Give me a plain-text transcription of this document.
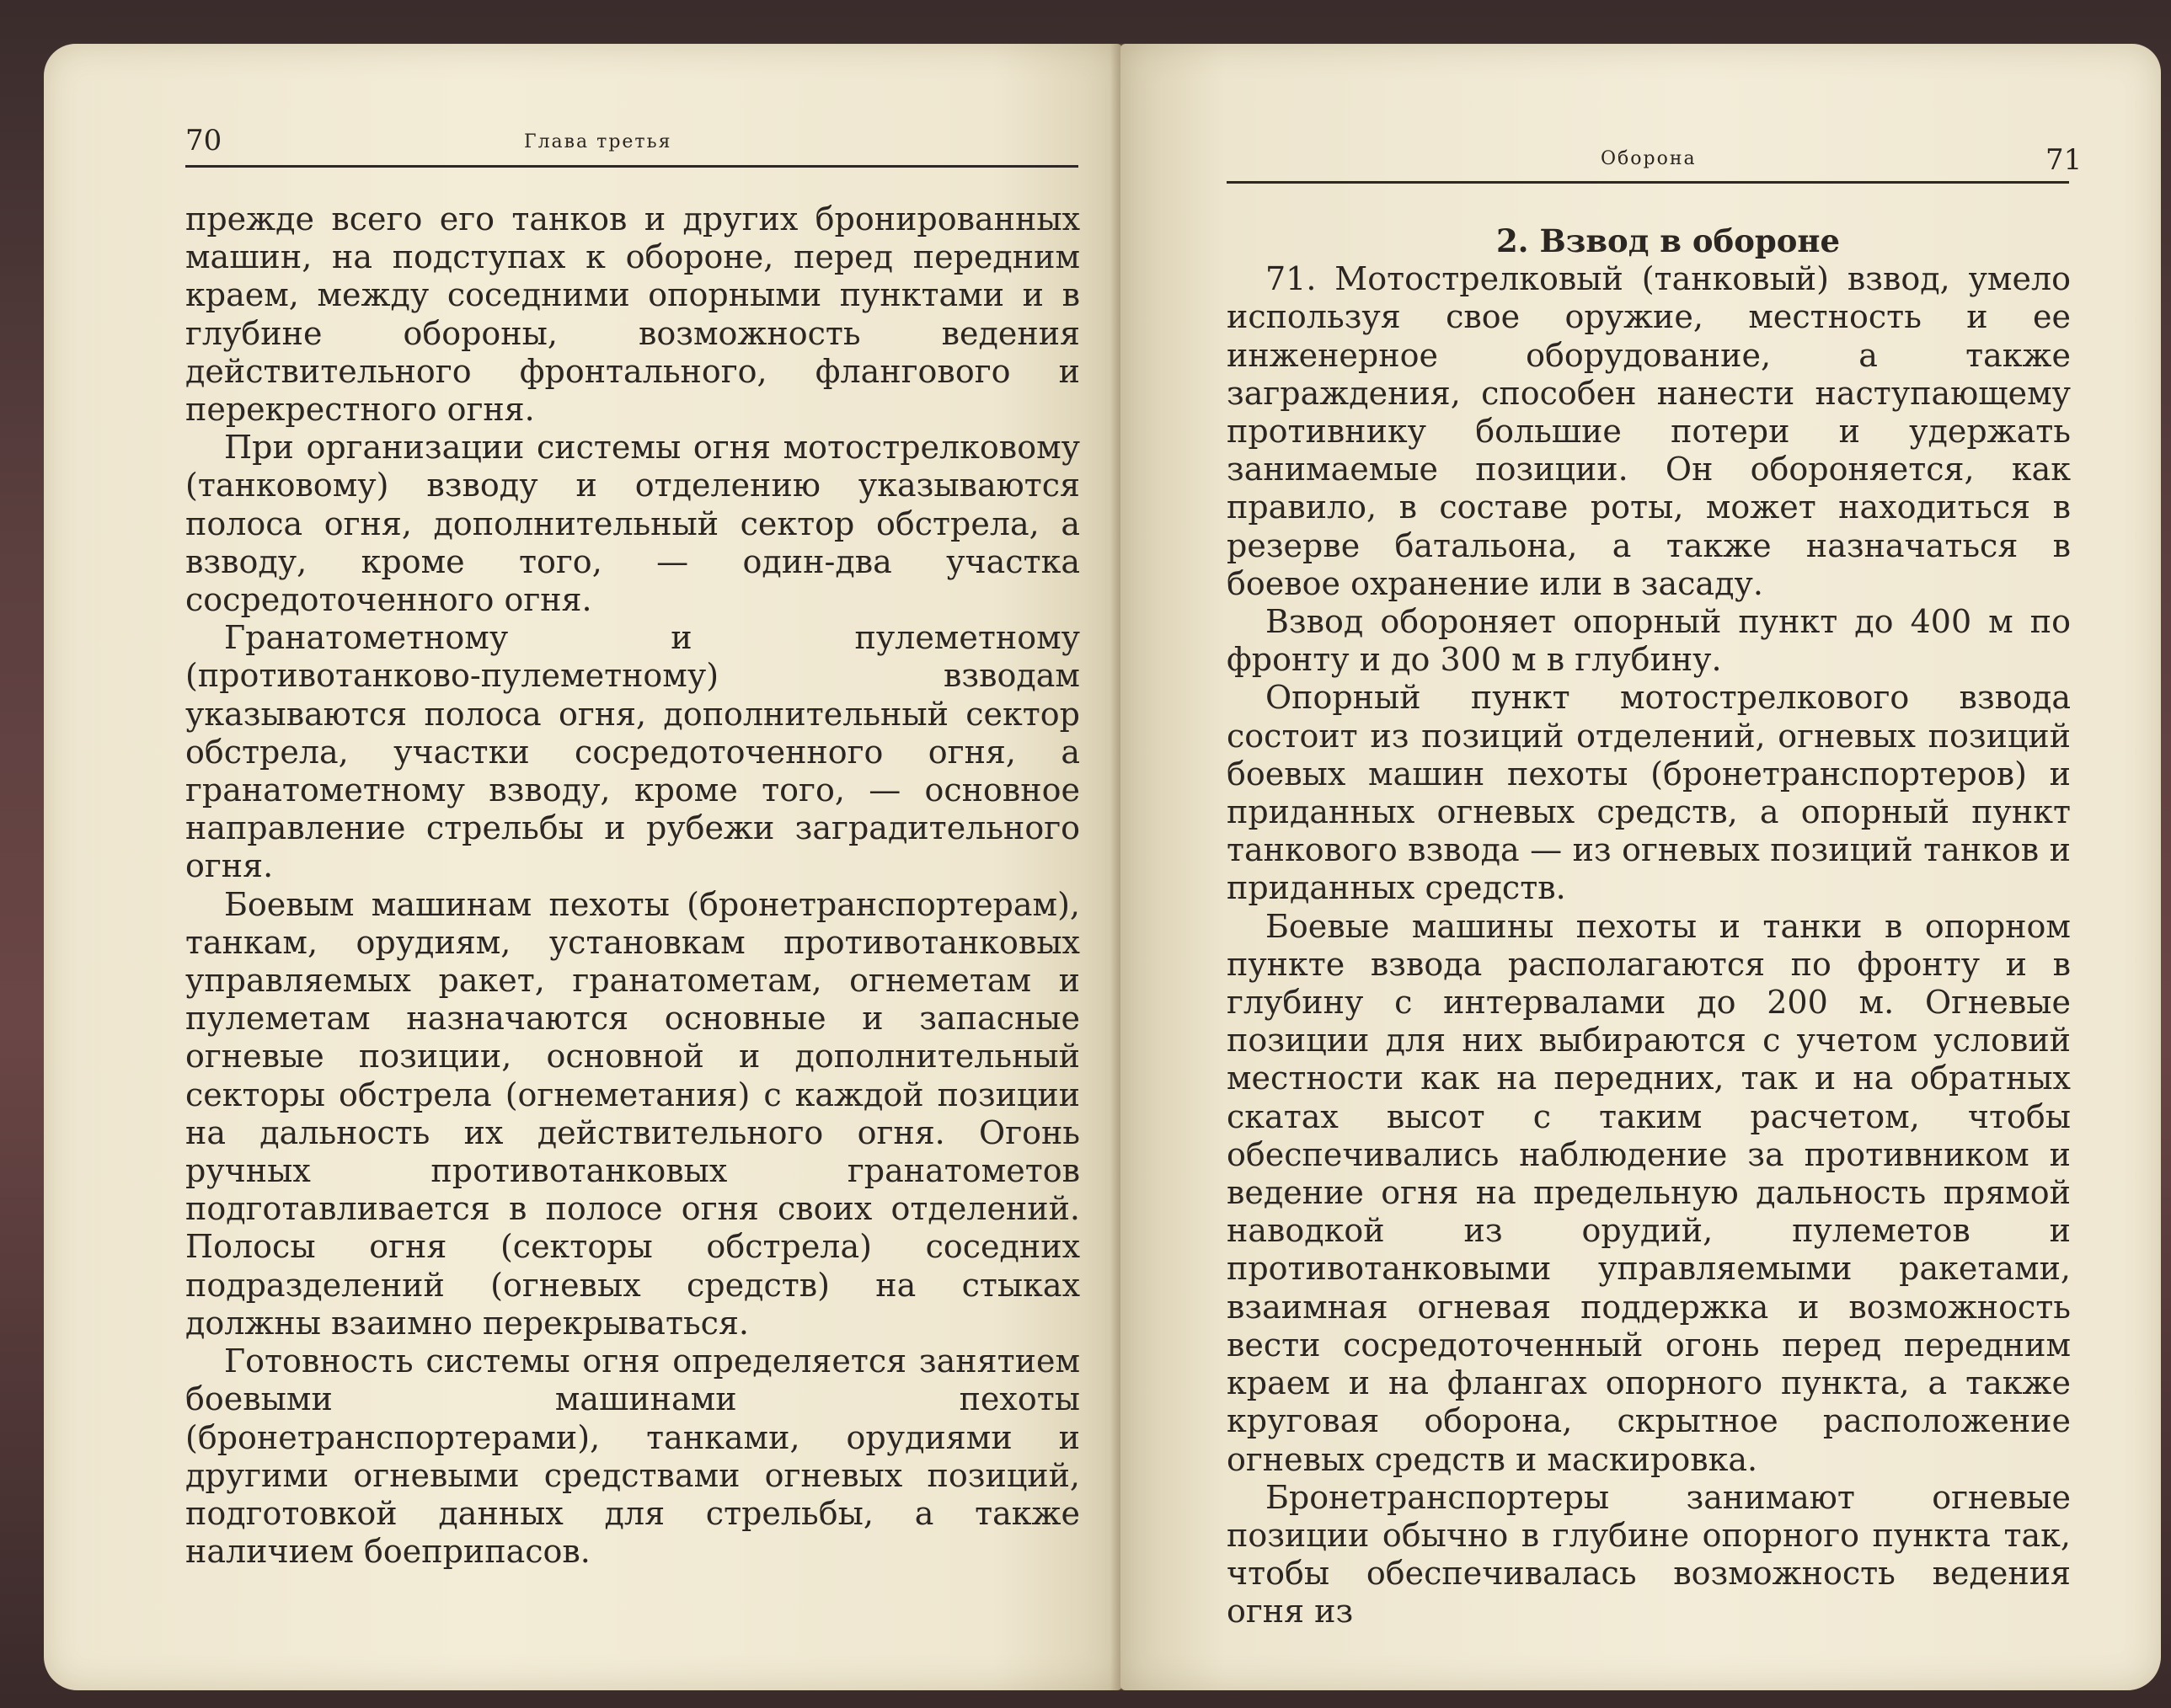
70	Глава третья

прежде всего его танков и других бронированных машин, на подступах к обороне, перед передним краем, между соседними опорными пунктами и в глубине обороны, возможность ведения действительного фронтального, флангового и перекрестного огня.

При организации системы огня мотострелковому (танковому) взводу и отделению указываются полоса огня, дополнительный сектор обстрела, а взводу, кроме того, — один-два участка сосредоточенного огня.

Гранатометному и пулеметному (противотанково-пулеметному) взводам указываются полоса огня, дополнительный сектор обстрела, участки сосредоточенного огня, а гранатометному взводу, кроме того, — основное направление стрельбы и рубежи заградительного огня.

Боевым машинам пехоты (бронетранспортерам), танкам, орудиям, установкам противотанковых управляемых ракет, гранатометам, огнеметам и пулеметам назначаются основные и запасные огневые позиции, основной и дополнительный секторы обстрела (огнеметания) с каждой позиции на дальность их действительного огня. Огонь ручных противотанковых гранатометов подготавливается в полосе огня своих отделений. Полосы огня (секторы обстрела) соседних подразделений (огневых средств) на стыках должны взаимно перекрываться.

Готовность системы огня определяется занятием боевыми машинами пехоты (бронетранспортерами), танками, орудиями и другими огневыми средствами огневых позиций, подготовкой данных для стрельбы, а также наличием боеприпасов.

Оборона	71

2. Взвод в обороне

71. Мотострелковый (танковый) взвод, умело используя свое оружие, местность и ее инженерное оборудование, а также заграждения, способен нанести наступающему противнику большие потери и удержать занимаемые позиции. Он обороняется, как правило, в составе роты, может находиться в резерве батальона, а также назначаться в боевое охранение или в засаду.

Взвод обороняет опорный пункт до 400 м по фронту и до 300 м в глубину.

Опорный пункт мотострелкового взвода состоит из позиций отделений, огневых позиций боевых машин пехоты (бронетранспортеров) и приданных огневых средств, а опорный пункт танкового взвода — из огневых позиций танков и приданных средств.

Боевые машины пехоты и танки в опорном пункте взвода располагаются по фронту и в глубину с интервалами до 200 м. Огневые позиции для них выбираются с учетом условий местности как на передних, так и на обратных скатах высот с таким расчетом, чтобы обеспечивались наблюдение за противником и ведение огня на предельную дальность прямой наводкой из орудий, пулеметов и противотанковыми управляемыми ракетами, взаимная огневая поддержка и возможность вести сосредоточенный огонь перед передним краем и на флангах опорного пункта, а также круговая оборона, скрытное расположение огневых средств и маскировка.

Бронетранспортеры занимают огневые позиции обычно в глубине опорного пункта так, чтобы обеспечивалась возможность ведения огня из
